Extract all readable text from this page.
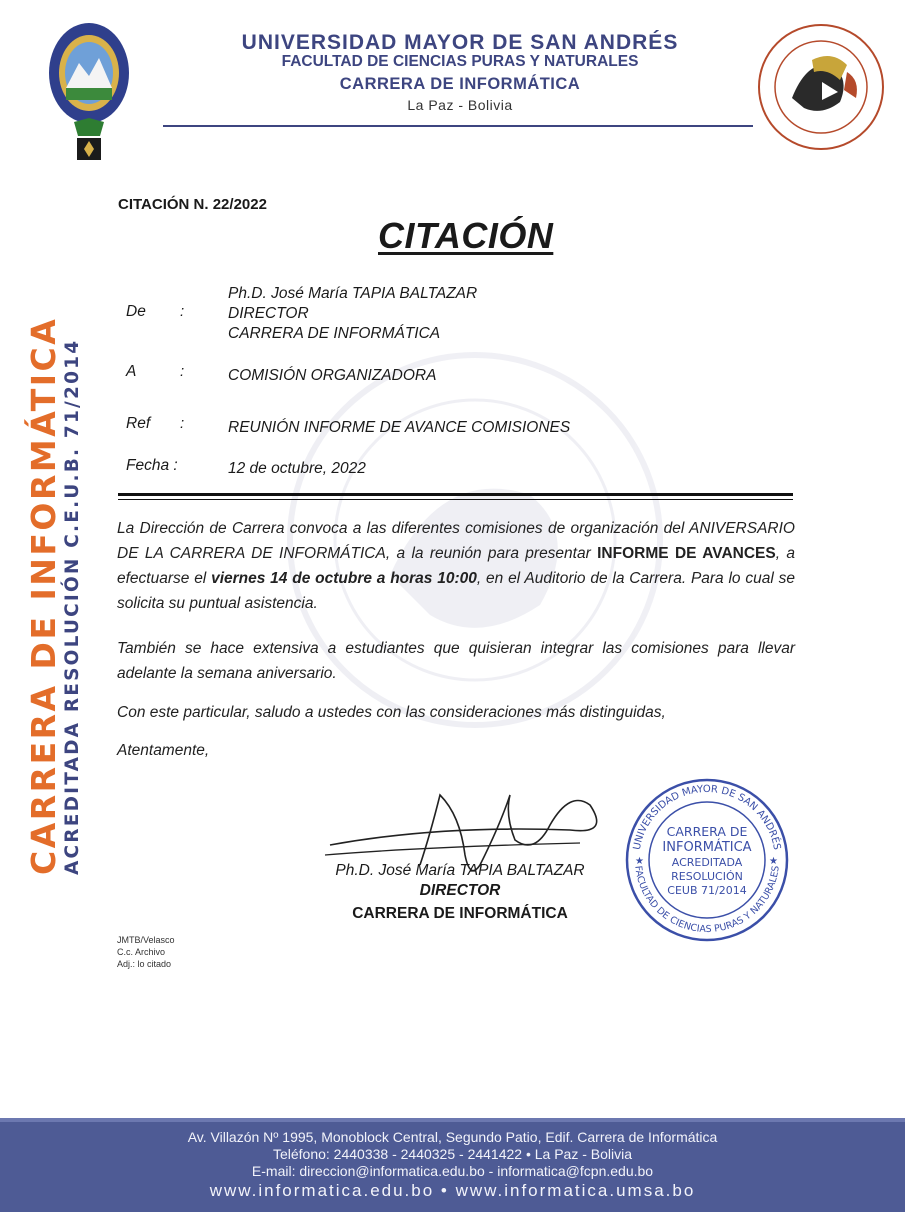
UNIVERSIDAD MAYOR DE SAN ANDRÉS

FACULTAD DE CIENCIAS PURAS Y NATURALES

CARRERA DE INFORMÁTICA

La Paz - Bolivia

CARRERA DE INFORMÁTICA ACREDITADA RESOLUCIÓN C.E.U.B. 71/2014
CITACIÓN N. 22/2022
CITACIÓN
De :
Ph.D. José María TAPIA BALTAZAR
DIRECTOR
CARRERA DE INFORMÁTICA
A	:	COMISIÓN ORGANIZADORA
Ref :	REUNIÓN INFORME DE AVANCE COMISIONES
Fecha :	12 de octubre, 2022
La Dirección de Carrera convoca a las diferentes comisiones de organización del ANIVERSARIO DE LA CARRERA DE INFORMÁTICA, a la reunión para presentar INFORME DE AVANCES, a efectuarse el viernes 14 de octubre a horas 10:00, en el Auditorio de la Carrera. Para lo cual se solicita su puntual asistencia.
También se hace extensiva a estudiantes que quisieran integrar las comisiones para llevar adelante la semana aniversario.
Con este particular, saludo a ustedes con las consideraciones más distinguidas,
Atentamente,
Ph.D. José María TAPIA BALTAZAR
DIRECTOR
CARRERA DE INFORMÁTICA
UNIVERSIDAD MAYOR DE SAN ANDRÉS
FACULTAD DE CIENCIAS PURAS Y NATURALES
CARRERA DE
INFORMÁTICA
ACREDITADA
RESOLUCIÓN
CEUB 71/2014
★	★
JMTB/Velasco
C.c. Archivo
Adj.: lo citado

Av. Villazón Nº 1995, Monoblock Central, Segundo Patio, Edif. Carrera de Informática

Teléfono: 2440338 - 2440325 - 2441422 • La Paz - Bolivia

E-mail: direccion@informatica.edu.bo - informatica@fcpn.edu.bo

www.informatica.edu.bo • www.informatica.umsa.bo
